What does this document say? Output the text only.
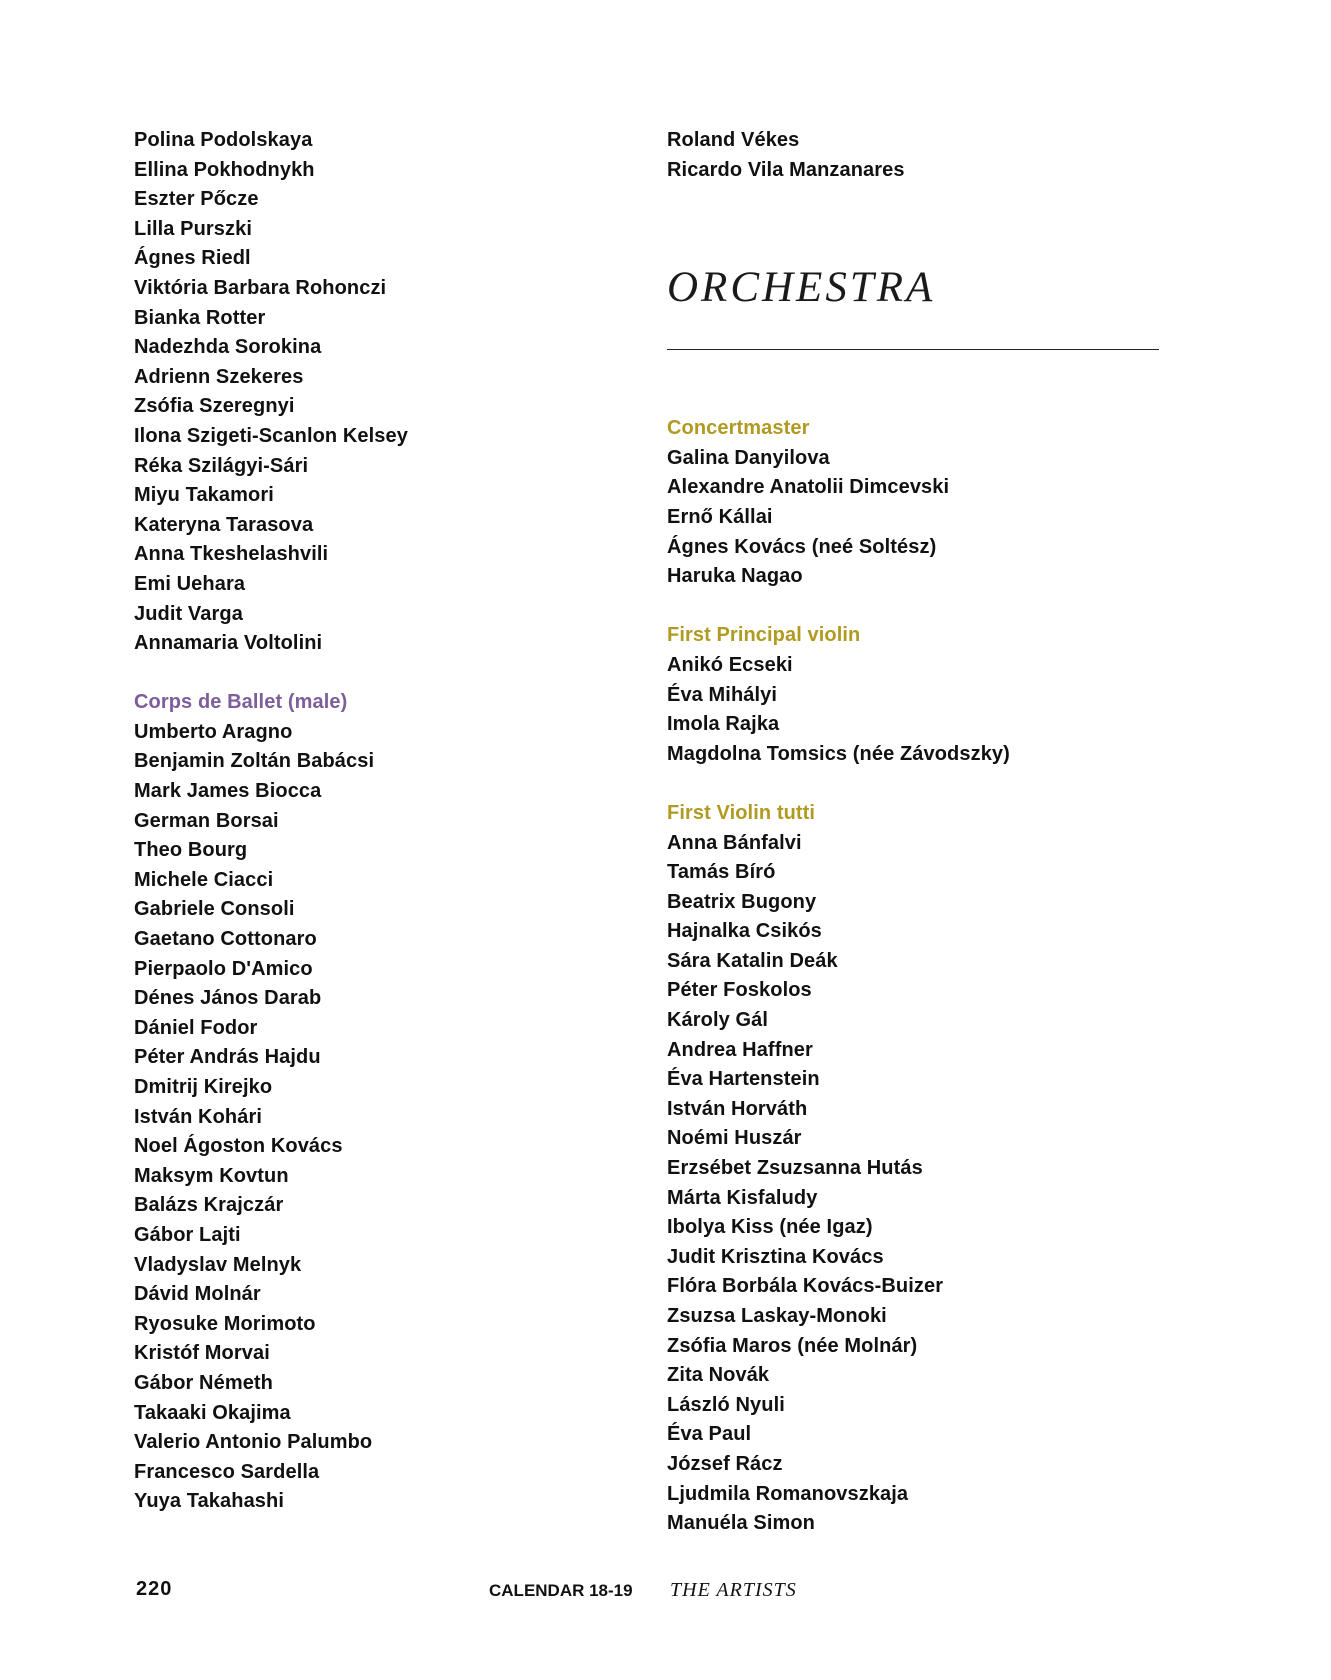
Polina Podolskaya
Ellina Pokhodnykh
Eszter Pőcze
Lilla Purszki
Ágnes Riedl
Viktória Barbara Rohonczi
Bianka Rotter
Nadezhda Sorokina
Adrienn Szekeres
Zsófia Szeregnyi
Ilona Szigeti-Scanlon Kelsey
Réka Szilágyi-Sári
Miyu Takamori
Kateryna Tarasova
Anna Tkeshelashvili
Emi Uehara
Judit Varga
Annamaria Voltolini
Corps de Ballet (male)
Umberto Aragno
Benjamin Zoltán Babácsi
Mark James Biocca
German Borsai
Theo Bourg
Michele Ciacci
Gabriele Consoli
Gaetano Cottonaro
Pierpaolo D'Amico
Dénes János Darab
Dániel Fodor
Péter András Hajdu
Dmitrij Kirejko
István Kohári
Noel Ágoston Kovács
Maksym Kovtun
Balázs Krajczár
Gábor Lajti
Vladyslav Melnyk
Dávid Molnár
Ryosuke Morimoto
Kristóf Morvai
Gábor Németh
Takaaki Okajima
Valerio Antonio Palumbo
Francesco Sardella
Yuya Takahashi
Roland Vékes
Ricardo Vila Manzanares
ORCHESTRA
Concertmaster
Galina Danyilova
Alexandre Anatolii Dimcevski
Ernő Kállai
Ágnes Kovács (neé Soltész)
Haruka Nagao
First Principal violin
Anikó Ecseki
Éva Mihályi
Imola Rajka
Magdolna Tomsics (née Závodszky)
First Violin tutti
Anna Bánfalvi
Tamás Bíró
Beatrix Bugony
Hajnalka Csikós
Sára Katalin Deák
Péter Foskolos
Károly Gál
Andrea Haffner
Éva Hartenstein
István Horváth
Noémi Huszár
Erzsébet Zsuzsanna Hutás
Márta Kisfaludy
Ibolya Kiss (née Igaz)
Judit Krisztina Kovács
Flóra Borbála Kovács-Buizer
Zsuzsa Laskay-Monoki
Zsófia Maros (née Molnár)
Zita Novák
László Nyuli
Éva Paul
József Rácz
Ljudmila Romanovszkaja
Manuéla Simon
220	CALENDAR 18-19 THE ARTISTS
